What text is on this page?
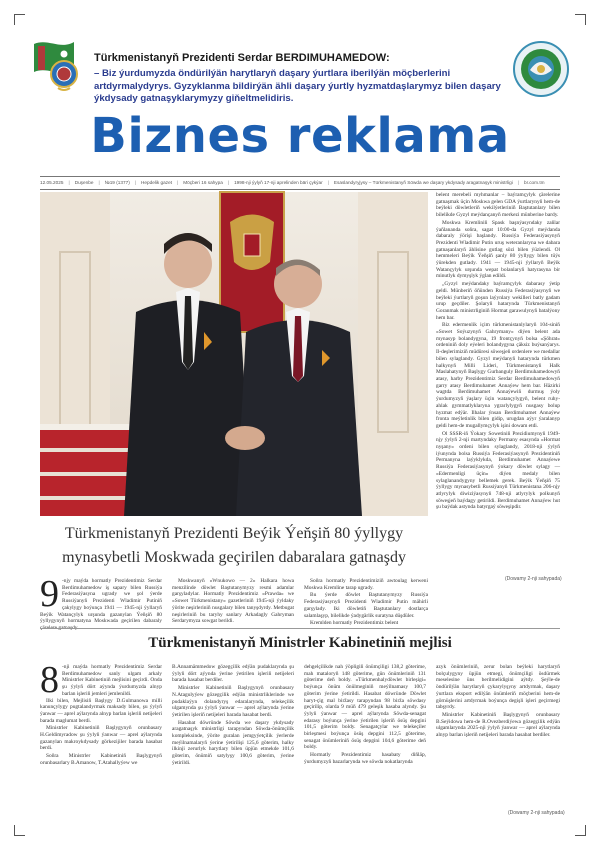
Türkmenistanyň Prezidenti Serdar BERDIMUHAMEDOW:
– Biz ýurdumyzda öndürilýän harytlaryň daşary ýurtlara iberilýän möçberlerini artdyrmalydyrys. Gyzyklanma bildirýän ähli daşary ýurtly hyzmatdaşlarymyz bilen daşary ýkdysady gatnaşyklarymyzy giňeltmelidiris.
Biznes reklama
12.05.2025 | Duşenbe | №19 (1377) | Hepdelik gazet | Möçberi 16 sahypa | 1998-nji ýylyň 17-nji aprelinden bäri çykýar | Esaslandyryjysy – Türkmenistanyň Söwda we daşary ykdysady aragatnaşyk ministrligi | br.com.tm
Türkmenistanyň Prezidenti Beýik Ýeňşiň 80 ýyllygy mynasybetli Moskwada geçirilen dabaralara gatnaşdy

belent merebeli myhmanlar – baýramçylyk çärelerine gatnaşmak üçin Moskwa gelen GDA ýurtlarynyň hem-de beýleki döwletleriň wekilýetleriniň Baştutanlary bilen bilelikde Gyzyl meýdançanyň merkezi münberine bardy.

Moskwa Kremliniň Spask başnýasyndaky zaňlar ýaňlananda soňra, sagat 10:00-da Gyzyl meýdanda dabaraly ýörişi başlandy. Russiýa Federasiýasynyň Prezidenti Wladimir Putin uruş weteranlaryna we dabara gatnaşanlaryň ählisine gutlag sözi bilen ýüzlendi. Ol hemmeleri Beýik Ýeňşiň şanly 80 ýyllygy bilen tüýs ýürekden gutlady. 1941 — 1945-nji ýyllaryň Beýik Watançylyk urşunda wepat bolanlaryň hatyrasyna bir minutlyk dymyşlyk ýglan edildi.

„Gyzyl meýdandaky baýramçylyk dabarasy ýetip geldi. Münberiň öňünden Russiýa Federasiýasynyň we beýleki ýurtlaryň goşun laýynlary wekilleri batly gadam urup geçdiler. Şolaryň hatarynda Türkmenistanyň Goranmak ministrliginiň Hormat garawulynyň batalýony hem bar.

Biz edermenlik içim türkmenistanlylaryň 104-siniň «Sowet Soýuzynyň Gahrymany» diýen belent ada mynasyp bolandygyna, 19 frontçynyň bolsa «Şöhrat» ordeniniň doly eýeleri bolandygyna çäksiz buýsanýarys. Il-dеşlerimiziň müdüresi söweşjeň ordenlere we medallar bilen sylaglandy. Gyzyl meýdanyň hatarynda türkmen halkynyň Milli Lideri, Türkmenistanyň Halk Maslahatynyň Başlygy Gurbanguly Berdimuhamedowyň atasy, harby Prezidentimiz Serdar Berdimuhamedowyň garry atasy Berdimuhamet Annaýew hem bar. Häzirki wagtda Berdimuhamet Annaýewiň durmuş ýoly ýurdumyzyň ýaşlary üçin watançylygyň, belent ruhy-ahlak gymmatlyklaryna ygrarlylygyň nusgasy bolup hyzmat edýär. Ilhalar ýnsan Berdimuhamet Annaýew frontа meýletinlik bilen gidip, urugdan aýyr ýaralanyp geldi hem-de mugallymçylyk işini dowam etdi.

Ol SSSR-iň Ýokary Sowetiniň Prezidiumynyň 1949-njy ýylyň 2-nji martyndaky Permany esasynda «Hormat nyşany» ordeni bilen sylaglandy, 2018-nji ýylyň iýunynda bolsa Russiýa Federasiýasynyň Prezidentiniň Permanyna laýyklykda, Berdimuhamet Annaýewe Russiýa Federasiýasynyň ýokary döwlet sylagy — «Edermenligi üçin» diýen medaly bilen sylaglanandygyny bellemek gerek. Beýik Ýeňşiň 75 ýyllygy mynasybetli Russiýanyň Türkmenistana 206-njy atlyrylyk diwiziýasynyň 748-nji atlyrylyk polkunyň söweşjeň baýdagy getirildi. Berdimuhamet Annaýew hut şu baýdak astynda batyrgaý söweşipdir.

(Dowamy 2-nji sahypada)
9 -njy maýda hormatly Prezidentimiz Serdar Berdimuhamedow iş sapary bilen Russiýa Federasiýasyna ugrady we şol ýerde Russiýanyň Prezidenti Wladimir Putiniň çakylygy boýunça 1941 — 1945-nji ýyllaryň Beýik Watançylyk urşunda gazanylan Ýeňşiň 80 ýyllygynyň hormatyna Moskwada geçirilen dabaraly çärelere gatnaşdy.

Moskwanyň «Wnukowo — 2» Halkara howa menzilinde döwlet Baştutanymyzy resmi adamlar garşyladylar. Hormatly Prezidentimiz «Prawda» we «Sowet Türkmenistany» gazetleriniň 1945-nji ýyldaky ýörite neşirleriniň nusgalary bilen tanyşdyrdy. Metbugat neşirleriniň bu taryhy sanlary Arkadagly Gahryman Serdarymyza sowgat berildi.

Soňra hormatly Prezidentimiziň awtoulag kerweni Moskwa Kremline tarap ugrady.

Bu ýerde döwlet Baştutanymyzy Russiýa Federasiýasynyň Prezidenti Wladimir Putin mähirli garşylady. Iki döwletiň Baştutanlary dostlarça salamlaşyp, bilelikde ýadygärlik suratyna düşdüler.

Kremlden hormatly Prezidentimiz belent

Türkmenistanyň Ministrler Kabinetiniň mejlisi
8 -nji maýda hormatly Prezidentimiz Serdar Berdimuhamedow sanly ulgam arkaly Ministrler Kabinetiniň mejlisini geçirdi. Onda şu ýylyň dört aýynda ýurdumyzda alnyp barlan işleriň jemleri jemlenildi.

Ilki bilen, Mejlisiň Başlygy D.Gulmanowa milli kanunçylygy pugtalandyrmak maksady bilen, şu ýylyň ýanwar — aprel aýlarynda alnyp barlan işleriň netijeleri barada maglumat berdi.

Ministrler Kabinetiniň Başlygynyň orunbasary H.Geldimyradow şu ýylyň ýanwar — aprel aýlarynda gazanylan makroykdysady görkezijiler barada hasabat berdi.

Soňra Ministrler Kabinetiniň Başlygynyň orunbasarlary B.Amanow, T.Atahallyýew we

B.Annamämmedow gözegçilik edýän pudaklaryndа şu ýylyň dört aýynda ýerine ýetirilen işleriň netijeleri barada hasabat berdiler.

Ministrler Kabinetiniň Başlygynyň orunbasary N.Atagulyýew gözegçilik edýän ministrliklerinde we pudaklaýyn dolandyryş edaralarynda, telekeçilik ulgamynda şu ýylyň ýanwar — aprel aýlarynda ýerine ýetirilen işleriň netijeleri barada hasabat berdi.

Hasabat döwründe Söwda we daşary ykdysady aragatnaşyk ministrligi tarapyndan Söwda-önümçilik kompleksinde, ýörite guralan jemgyýetçilik ýerlerde meýilnamalaryň ýerine ýetirilişi 125,6 göterim, halky ilkinji zerurlyk harytlary bilen üpjün etmekde 101,6 göterim, önümiň satylyşy 100,6 göterim, ýerine ýetirildi.

dehgelçilikde nah ýöpligiň önümçiligi 138,2 göterime, mah mataloryň 148 göterime, gün önümleriniň 131 göterime deň boldy. «Türkmenhalydöwlet birleşigi» boýunça önüm önülmeginiň meýilnamasy 100,7 göterim ýerine ýetirildi. Hasabat döwründe Döwlet haryt-çig mal biržasy tarapyndan 98 biržа söwdasy geçirilip, olarda 9 müň 479 geleşik hasaba alyndy. Şu ýylyň ýanwar — aprel aýlarynda Söwda-senagat edarasy boýunça ýerine ýetirilen işleriň ösüş depgini 101,5 göterim boldy. Senagatçylar we telekeçiler birleşmesi boýunça ösüş depgini 112,5 göterime, senagat önümleriniň ösüş depgini 104,6 göterime deň boldy.

Hormatly Prezidentimiz hasabaty diňläp, ýurdumyzyň bazarlarynda we söwda nokatlarynda

azyk önümleriniň, zerur bolan beýleki harytlaryň bolçulygyny üpjün etmegi, önümçiligi ösdürmek meselesine üns berilmelidigini aýtdy. Şeýle-de öndürilýän harytlaryň çykarylyşyny artdyrmak, daşary ýurtlara eksport edilýän önümleriň möçberini hem-de görnüşlerini artdyrmak boýunça degişli işleri geçirmegi tabşyrdy.

Ministrler Kabinetiniň Başlygynyň orunbasary B.Seýidowa hem-de R.Ovezberdiýewa gözegçilik edýän ulgamlarynda 2025-nji ýylyň ýanwar — aprel aýlarynda alnyp barlan işleriň netijeleri barada hasabat berdiler.

(Dowamy 2-nji sahypada)
